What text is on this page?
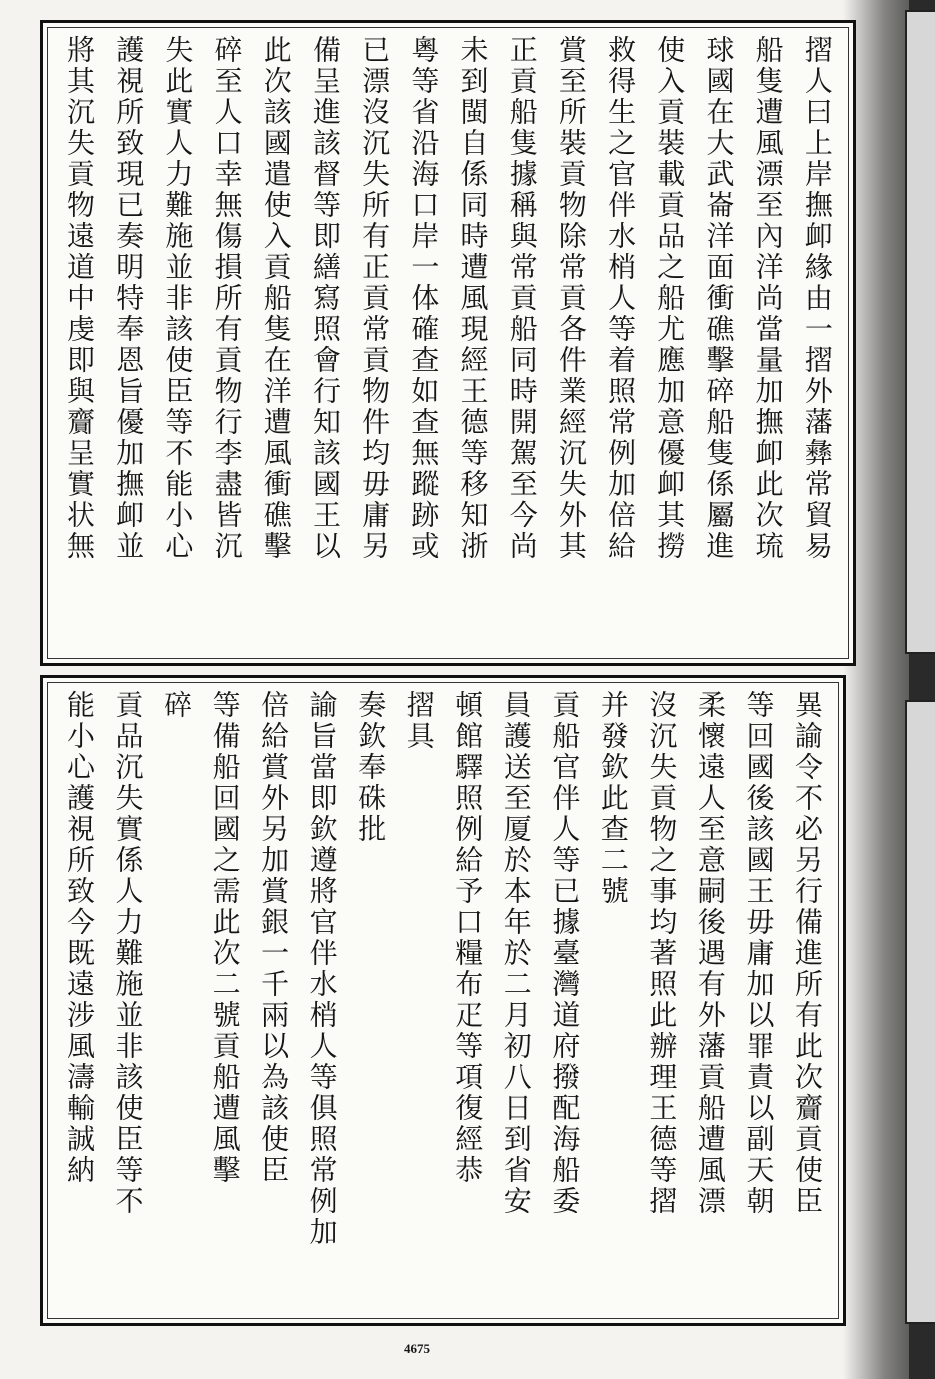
摺人曰上岸撫卹緣由一摺外藩彝常貿易
船隻遭風漂至內洋尚當量加撫卹此次琉
球國在大武崙洋面衝礁擊碎船隻係屬進
使入貢裝載貢品之船尤應加意優卹其撈
救得生之官伴水梢人等着照常例加倍給
賞至所裝貢物除常貢各件業經沉失外其
正貢船隻據稱與常貢船同時開駕至今尚
未到閩自係同時遭風現經王德等移知浙
粵等省沿海口岸一体確查如查無蹤跡或
已漂沒沉失所有正貢常貢物件均毋庸另
備呈進該督等即繕寫照會行知該國王以
此次該國遣使入貢船隻在洋遭風衝礁擊
碎至人口幸無傷損所有貢物行李盡皆沉
失此實人力難施並非該使臣等不能小心
護視所致現已奏明特奉恩旨優加撫卹並
將其沉失貢物遠道中虔即與齎呈實状無
異諭令不必另行備進所有此次齎貢使臣
等回國後該國王毋庸加以罪責以副天朝
柔懷遠人至意嗣後遇有外藩貢船遭風漂
沒沉失貢物之事均著照此辦理王德等摺
并發欽此查二號
貢船官伴人等已據臺灣道府撥配海船委
員護送至厦於本年於二月初八日到省安
頓館驛照例給予口糧布疋等項復經恭
摺具
奏欽奉硃批
諭旨當即欽遵將官伴水梢人等俱照常例加
倍給賞外另加賞銀一千兩以為該使臣
等備船回國之需此次二號貢船遭風擊
碎
貢品沉失實係人力難施並非該使臣等不
能小心護視所致今既遠涉風濤輸誠納
4675
